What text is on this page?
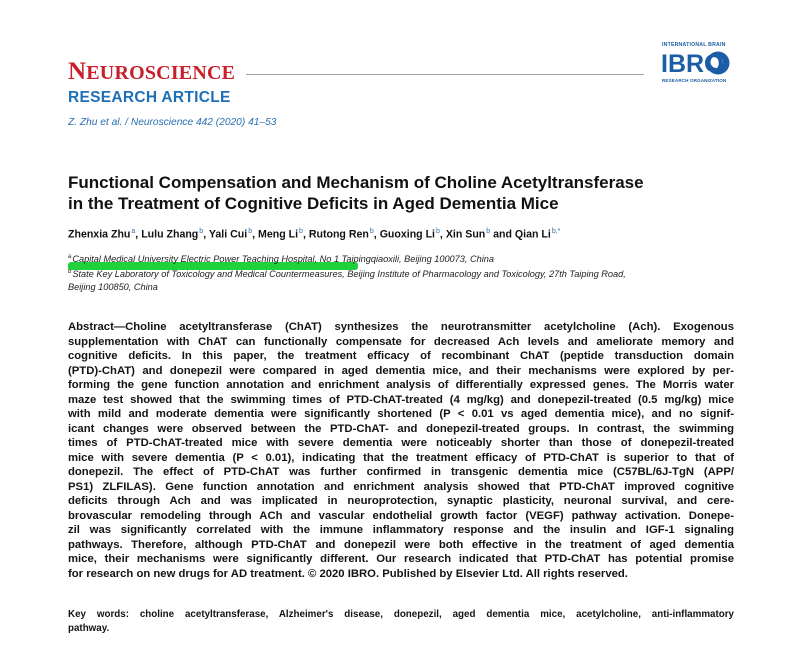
NEUROSCIENCE
INTERNATIONAL BRAIN
IBRO
RESEARCH ORGANIZATION
RESEARCH ARTICLE
Z. Zhu et al. / Neuroscience 442 (2020) 41–53
Functional Compensation and Mechanism of Choline Acetyltransferase
in the Treatment of Cognitive Deficits in Aged Dementia Mice
Zhenxia Zhu$^a$, Lulu Zhang$^b$, Yali Cui$^b$, Meng Li$^b$, Rutong Ren$^b$, Guoxing Li$^b$, Xin Sun$^b$ and Qian $Li^{b,*}$
$^a$Capital Medical University Electric Power Teaching Hospital, No 1 Taipingqiaoxili, Beijing 100073, China
$^b$State Key Laboratory of Toxicology and Medical Countermeasures, Beijing Institute of Pharmacology and Toxicology, 27th Taiping Road,
Beijing 100850, China
Abstract—Choline acetyltransferase (ChAT) synthesizes the neurotransmitter acetylcholine (Ach). Exogenous
supplementation with ChAT can functionally compensate for decreased Ach levels and ameliorate memory and
cognitive deficits. In this paper, the treatment efficacy of recombinant ChAT (peptide transduction domain
(PTD)-ChAT) and donepezil were compared in aged dementia mice, and their mechanisms were explored by per-
forming the gene function annotation and enrichment analysis of differentially expressed genes. The Morris water
maze test showed that the swimming times of PTD-ChAT-treated (4 mg/kg) and donepezil-treated (0.5 mg/kg) mice
with mild and moderate dementia were significantly shortened (P < 0.01 vs aged dementia mice), and no signif-
icant changes were observed between the PTD-ChAT- and donepezil-treated groups. In contrast, the swimming
times of PTD-ChAT-treated mice with severe dementia were noticeably shorter than those of donepezil-treated
mice with severe dementia (P < 0.01), indicating that the treatment efficacy of PTD-ChAT is superior to that of
donepezil. The effect of PTD-ChAT was further confirmed in transgenic dementia mice (C57BL/6J-TgN (APP/
PS1) ZLFILAS). Gene function annotation and enrichment analysis showed that PTD-ChAT improved cognitive
deficits through Ach and was implicated in neuroprotection, synaptic plasticity, neuronal survival, and cere-
brovascular remodeling through ACh and vascular endothelial growth factor (VEGF) pathway activation. Donepe-
zil was significantly correlated with the immune inflammatory response and the insulin and IGF-1 signaling
pathways. Therefore, although PTD-ChAT and donepezil were both effective in the treatment of aged dementia
mice, their mechanisms were significantly different. Our research indicated that PTD-ChAT has potential promise
for research on new drugs for AD treatment. © 2020 IBRO. Published by Elsevier Ltd. All rights reserved.
Key words: choline acetyltransferase, Alzheimer's disease, donepezil, aged dementia mice, acetylcholine, anti-inflammatory
pathway.
